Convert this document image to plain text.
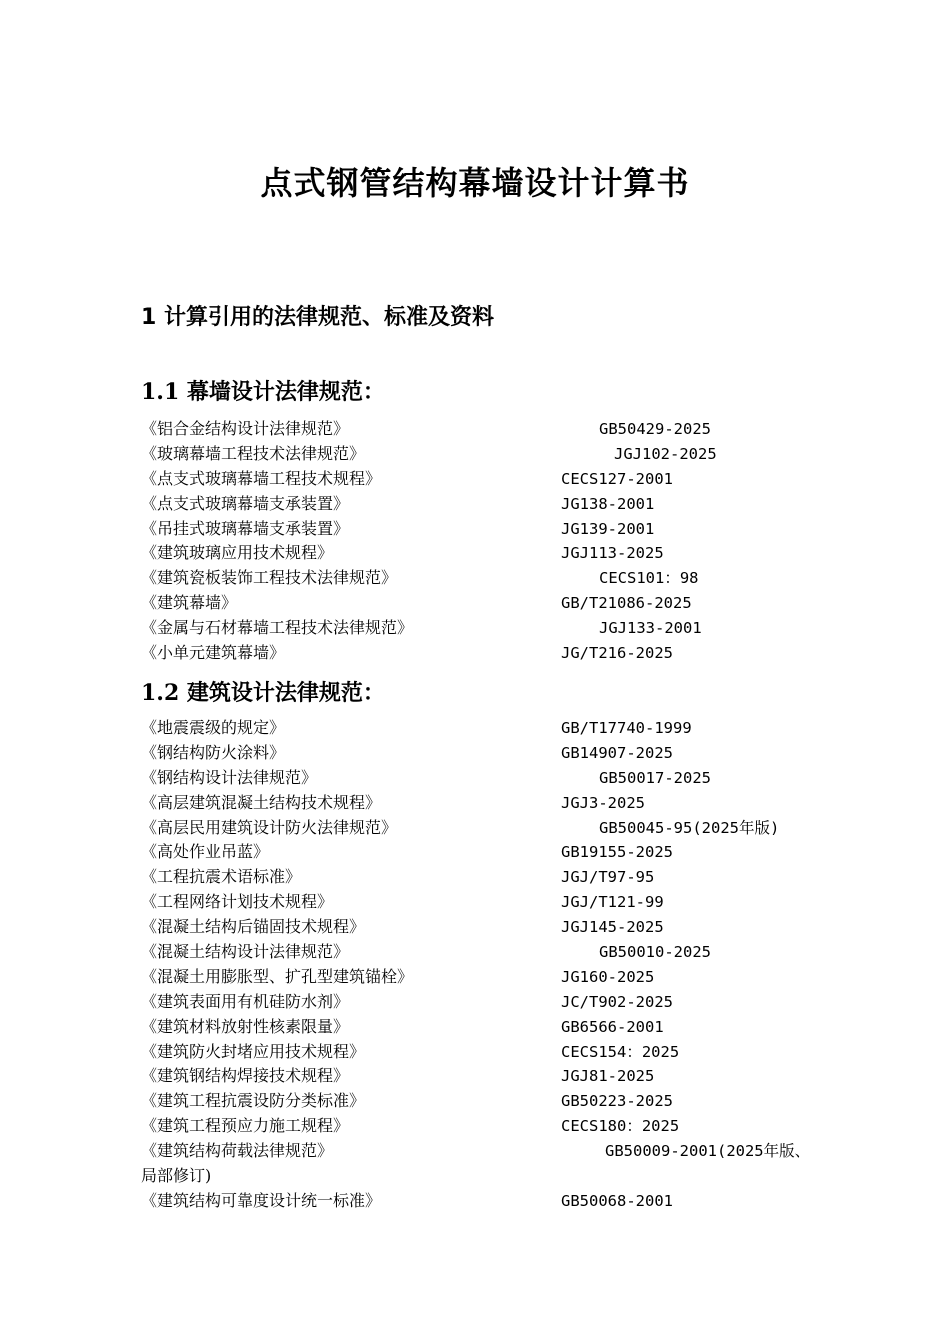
点式钢管结构幕墙设计计算书
1 计算引用的法律规范、标准及资料
1.1 幕墙设计法律规范：
《铝合金结构设计法律规范》	GB50429-2025
《玻璃幕墙工程技术法律规范》	JGJ102-2025
《点支式玻璃幕墙工程技术规程》	CECS127-2001
《点支式玻璃幕墙支承装置》	JG138-2001
《吊挂式玻璃幕墙支承装置》	JG139-2001
《建筑玻璃应用技术规程》	JGJ113-2025
《建筑瓷板装饰工程技术法律规范》	CECS101：98
《建筑幕墙》	GB/T21086-2025
《金属与石材幕墙工程技术法律规范》	JGJ133-2001
《小单元建筑幕墙》	JG/T216-2025
1.2 建筑设计法律规范：
《地震震级的规定》	GB/T17740-1999
《钢结构防火涂料》	GB14907-2025
《钢结构设计法律规范》	GB50017-2025
《高层建筑混凝土结构技术规程》	JGJ3-2025
《高层民用建筑设计防火法律规范》	GB50045-95(2025年版)
《高处作业吊蓝》	GB19155-2025
《工程抗震术语标准》	JGJ/T97-95
《工程网络计划技术规程》	JGJ/T121-99
《混凝土结构后锚固技术规程》	JGJ145-2025
《混凝土结构设计法律规范》	GB50010-2025
《混凝土用膨胀型、扩孔型建筑锚栓》	JG160-2025
《建筑表面用有机硅防水剂》	JC/T902-2025
《建筑材料放射性核素限量》	GB6566-2001
《建筑防火封堵应用技术规程》	CECS154：2025
《建筑钢结构焊接技术规程》	JGJ81-2025
《建筑工程抗震设防分类标准》	GB50223-2025
《建筑工程预应力施工规程》	CECS180：2025
《建筑结构荷载法律规范》	GB50009-2001(2025年版、
局部修订)
《建筑结构可靠度设计统一标准》	GB50068-2001
